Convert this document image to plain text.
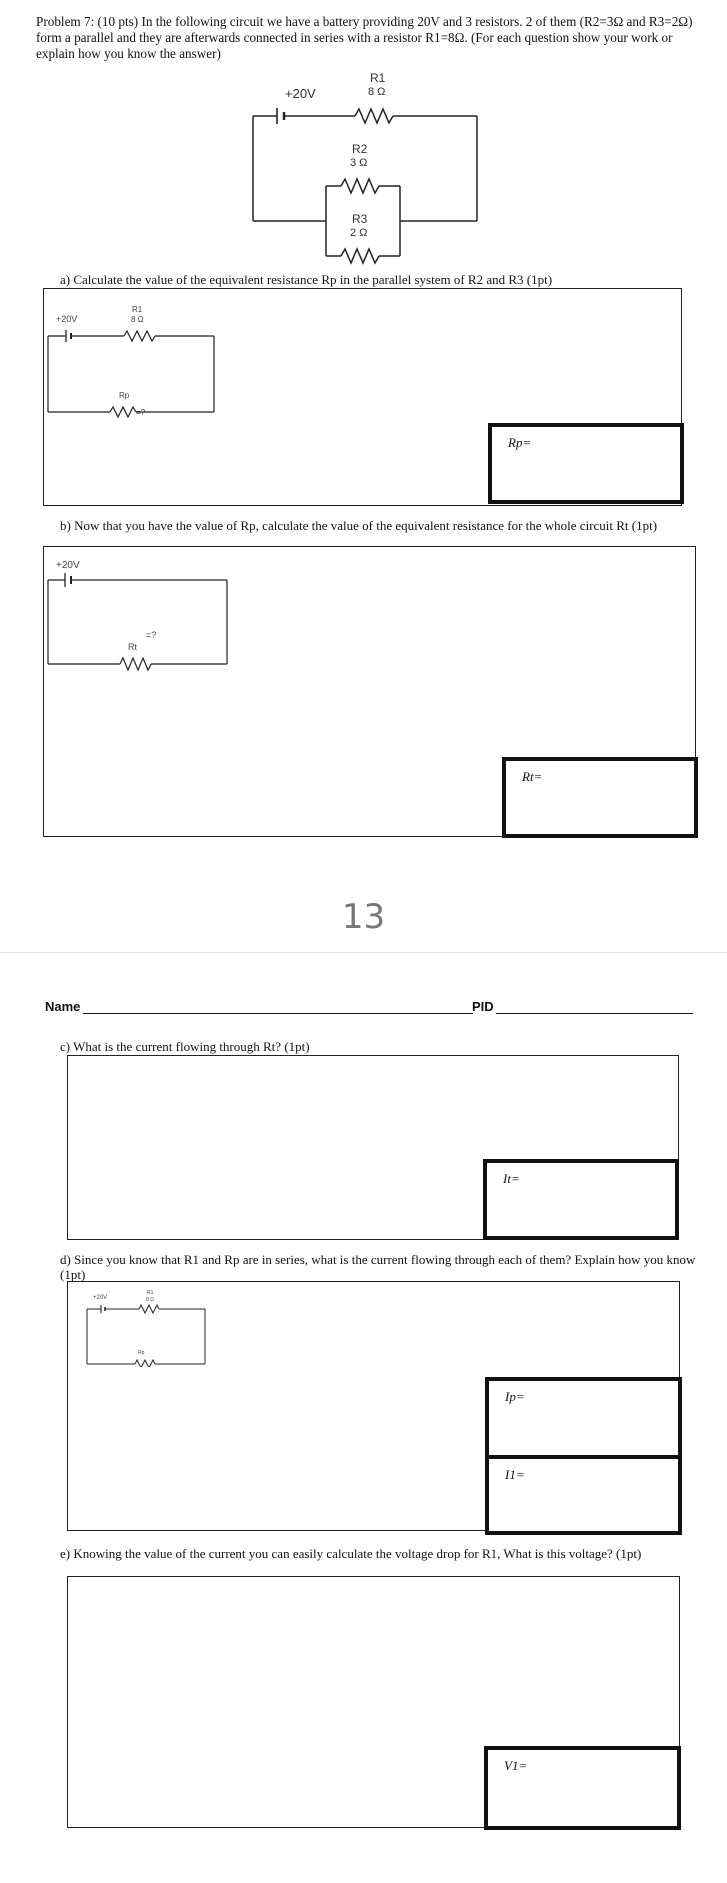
Problem 7: (10 pts) In the following circuit we have a battery providing 20V and 3 resistors. 2 of them (R2=3Ω and R3=2Ω) form a parallel and they are afterwards connected in series with a resistor R1=8Ω. (For each question show your work or explain how you know the answer)
+20V
R1
8 Ω
R2
3 Ω
R3
2 Ω
a) Calculate the value of the equivalent resistance Rp in the parallel system of R2 and R3 (1pt)
+20V
R1
8 Ω
Rp
=?
Rp=
b) Now that you have the value of Rp, calculate the value of the equivalent resistance for the whole circuit Rt (1pt)
+20V
=?
Rt
Rt=
13
Name	PID
c) What is the current flowing through Rt? (1pt)
It=
d) Since you know that R1 and Rp are in series, what is the current flowing through each of them? Explain how you know (1pt)
+20V
R1
8 Ω
Rp
Ip=
I1=
e) Knowing the value of the current you can easily calculate the voltage drop for R1, What is this voltage? (1pt)
V1=
